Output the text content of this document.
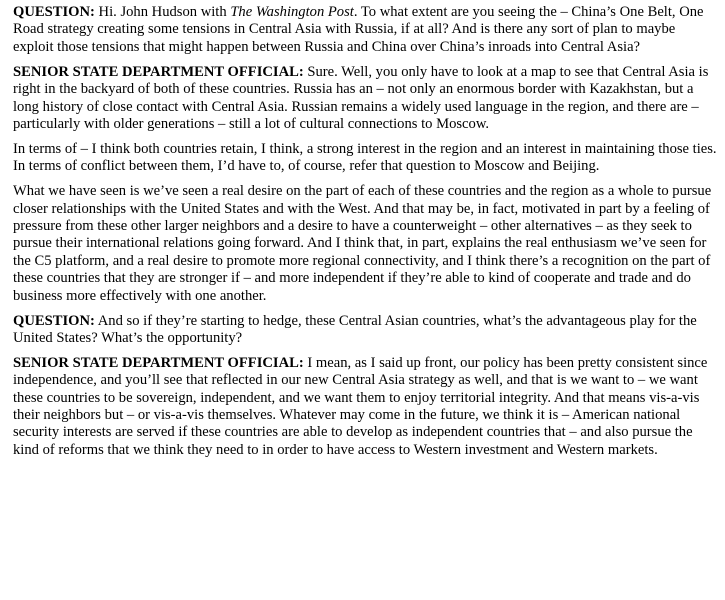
QUESTION: Hi. John Hudson with The Washington Post. To what extent are you seeing the – China’s One Belt, One Road strategy creating some tensions in Central Asia with Russia, if at all? And is there any sort of plan to maybe exploit those tensions that might happen between Russia and China over China’s inroads into Central Asia?

SENIOR STATE DEPARTMENT OFFICIAL: Sure. Well, you only have to look at a map to see that Central Asia is right in the backyard of both of these countries. Russia has an – not only an enormous border with Kazakhstan, but a long history of close contact with Central Asia. Russian remains a widely used language in the region, and there are – particularly with older generations – still a lot of cultural connections to Moscow.

In terms of – I think both countries retain, I think, a strong interest in the region and an interest in maintaining those ties. In terms of conflict between them, I’d have to, of course, refer that question to Moscow and Beijing.

What we have seen is we’ve seen a real desire on the part of each of these countries and the region as a whole to pursue closer relationships with the United States and with the West. And that may be, in fact, motivated in part by a feeling of pressure from these other larger neighbors and a desire to have a counterweight – other alternatives – as they seek to pursue their international relations going forward. And I think that, in part, explains the real enthusiasm we’ve seen for the C5 platform, and a real desire to promote more regional connectivity, and I think there’s a recognition on the part of these countries that they are stronger if – and more independent if they’re able to kind of cooperate and trade and do business more effectively with one another.

QUESTION: And so if they’re starting to hedge, these Central Asian countries, what’s the advantageous play for the United States? What’s the opportunity?

SENIOR STATE DEPARTMENT OFFICIAL: I mean, as I said up front, our policy has been pretty consistent since independence, and you’ll see that reflected in our new Central Asia strategy as well, and that is we want to – we want these countries to be sovereign, independent, and we want them to enjoy territorial integrity. And that means vis-a-vis their neighbors but – or vis-a-vis themselves. Whatever may come in the future, we think it is – American national security interests are served if these countries are able to develop as independent countries that – and also pursue the kind of reforms that we think they need to in order to have access to Western investment and Western markets.
